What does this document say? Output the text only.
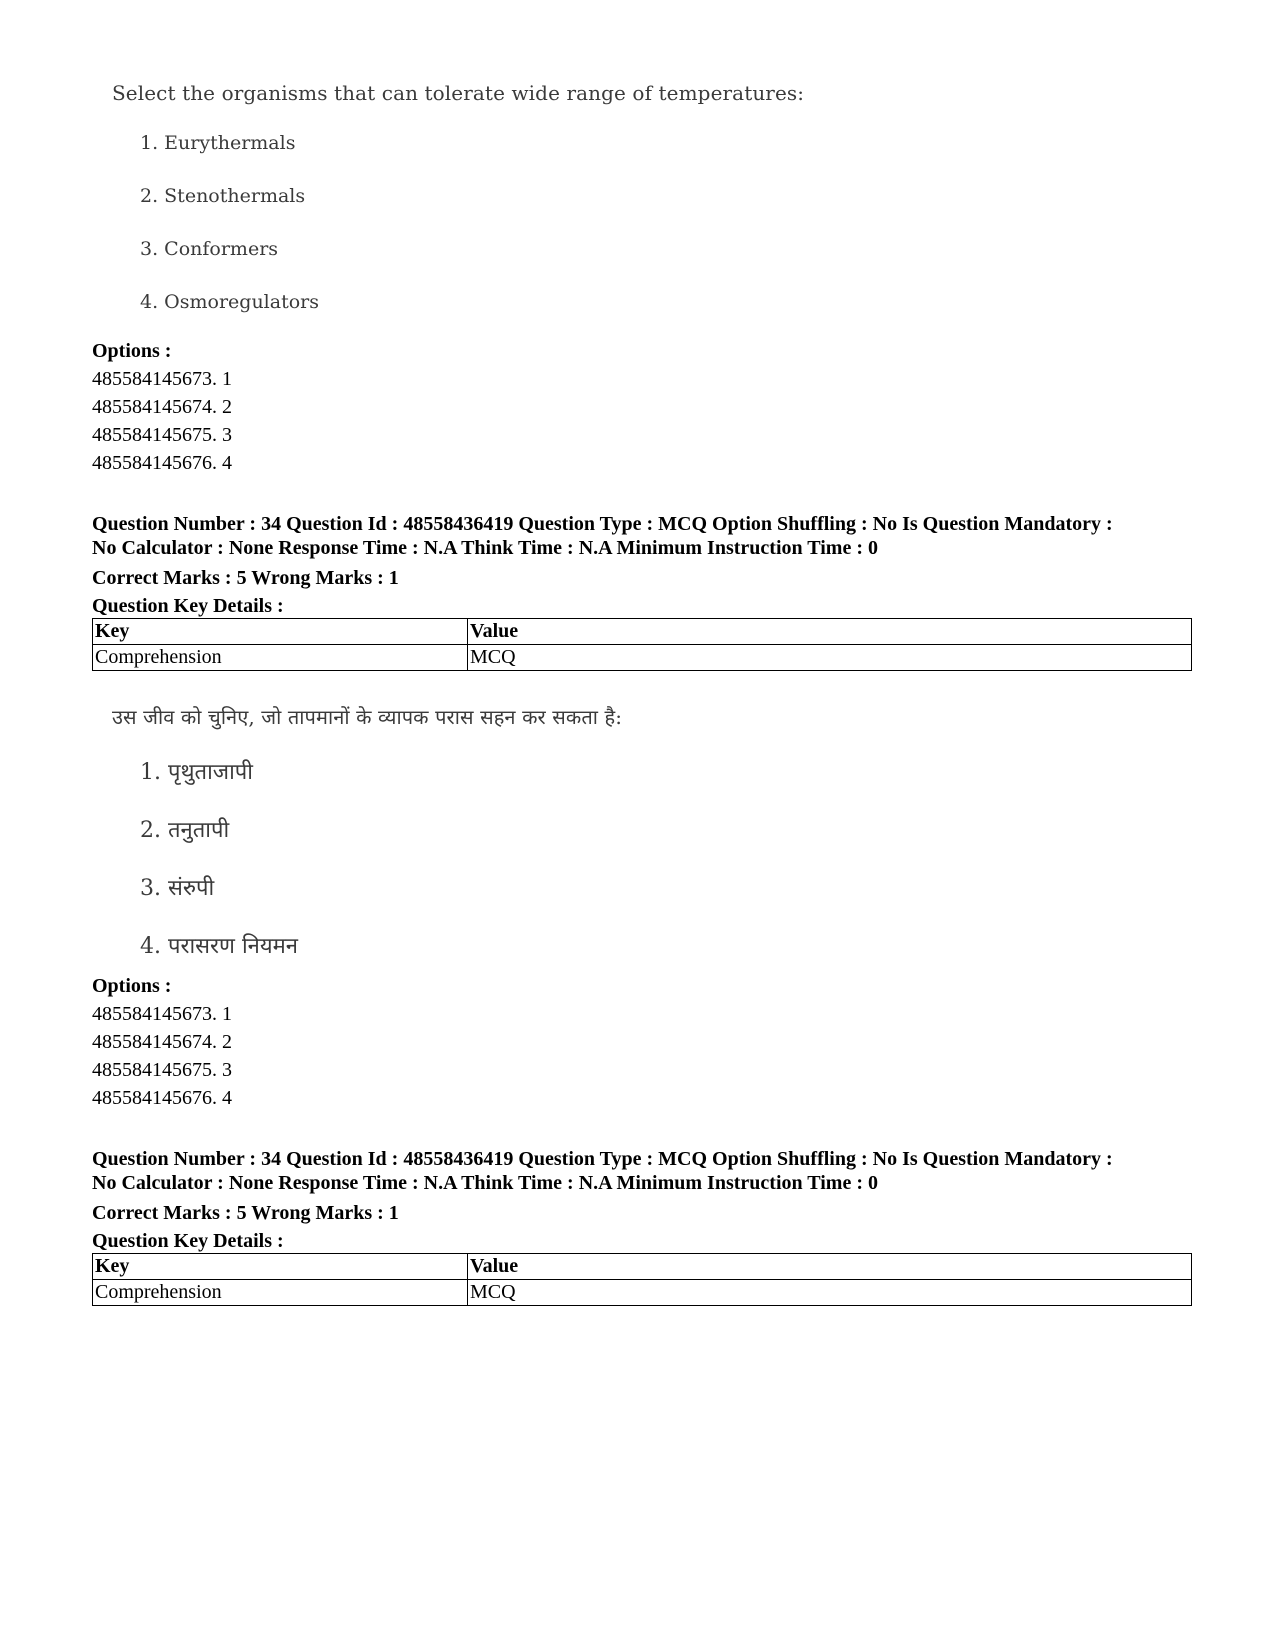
Select the organisms that can tolerate wide range of temperatures:

1. Eurythermals
2. Stenothermals
3. Conformers
4. Osmoregulators
Options :
485584145673. 1
485584145674. 2
485584145675. 3
485584145676. 4
Question Number : 34 Question Id : 48558436419 Question Type : MCQ Option Shuffling : No Is Question Mandatory :
No Calculator : None Response Time : N.A Think Time : N.A Minimum Instruction Time : 0
Correct Marks : 5 Wrong Marks : 1
Question Key Details :
Key	Value
Comprehension	MCQ

उस जीव को चुनिए, जो तापमानों के व्यापक परास सहन कर सकता है:

1. पृथुताजापी
2. तनुतापी
3. संरुपी
4. परासरण नियमन
Options :
485584145673. 1
485584145674. 2
485584145675. 3
485584145676. 4
Question Number : 34 Question Id : 48558436419 Question Type : MCQ Option Shuffling : No Is Question Mandatory :
No Calculator : None Response Time : N.A Think Time : N.A Minimum Instruction Time : 0
Correct Marks : 5 Wrong Marks : 1
Question Key Details :
Key	Value
Comprehension	MCQ
